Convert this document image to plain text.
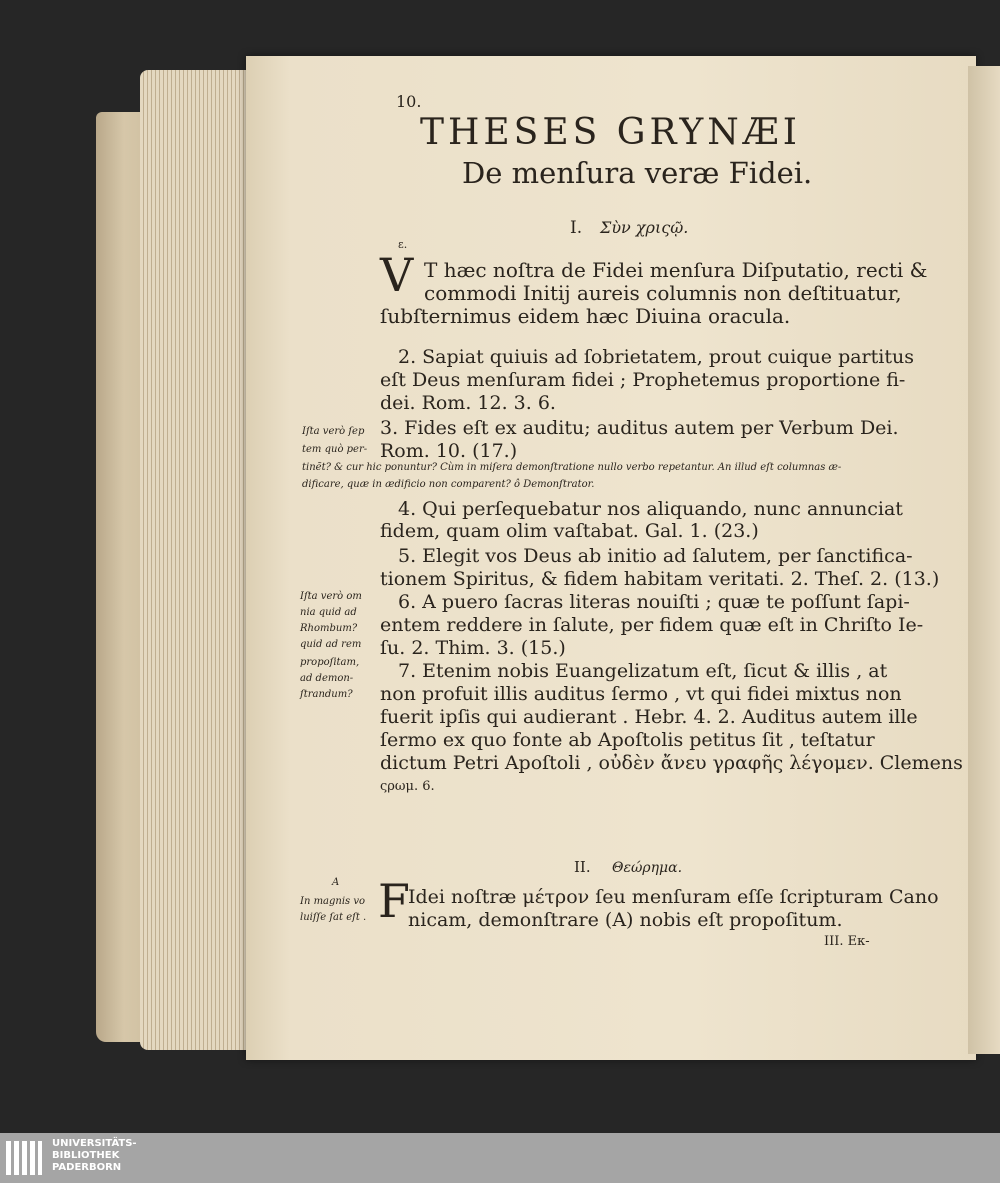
10.
THESES GRYNÆI
De menſura veræ Fidei.
I. Σὺν χριςῷ.
ε.
V T hæc noſtra de Fidei menſura Diſputatio, recti &
commodi Initij aureis columnis non deſtituatur,
ſubſternimus eidem hæc Diuina oracula.
2. Sapiat quiuis ad ſobrietatem, prout cuique partitus
eſt Deus menſuram fidei ; Prophetemus proportione fi-
dei. Rom. 12. 3. 6.
3. Fides eſt ex auditu; auditus autem per Verbum Dei.
Rom. 10. (17.)
Iſta verò ſep
tem quò per-
tinẽt? & cur hic ponuntur? Cùm in miſera demonſtratione nullo verbo repetantur. An illud eſt columnas æ-
dificare, quæ in ædificio non comparent? ô Demonſtrator.
4. Qui perſequebatur nos aliquando, nunc annunciat
fidem, quam olim vaſtabat. Gal. 1. (23.)
5. Elegit vos Deus ab initio ad ſalutem, per ſanctifica-
tionem Spiritus, & fidem habitam veritati. 2. Theſ. 2. (13.)
6. A puero ſacras literas nouiſti ; quæ te poſſunt ſapi-
entem reddere in ſalute, per fidem quæ eſt in Chriſto Ie-
ſu. 2. Thim. 3. (15.)
Iſta verò om
nia quid ad
Rhombum?
quid ad rem
propoſitam,
ad demon-
ſtrandum?
7. Etenim nobis Euangelizatum eſt, ſicut & illis , at
non profuit illis auditus ſermo , vt qui fidei mixtus non
fuerit ipſis qui audierant . Hebr. 4. 2. Auditus autem ille
ſermo ex quo fonte ab Apoſtolis petitus ſit , teſtatur
dictum Petri Apoſtoli , οὐδὲν ἄνευ γραφῆς λέγομεν. Clemens
ςρωμ. 6.
II. Θεώρημα.
F
Idei noſtræ μέτρον ſeu menſuram eſſe ſcripturam Cano
nicam, demonſtrare (A) nobis eſt propoſitum.
A
In magnis vo
luiſſe ſat eſt .
III. Εκ-
UNIVERSITÄTS-
BIBLIOTHEK
PADERBORN
